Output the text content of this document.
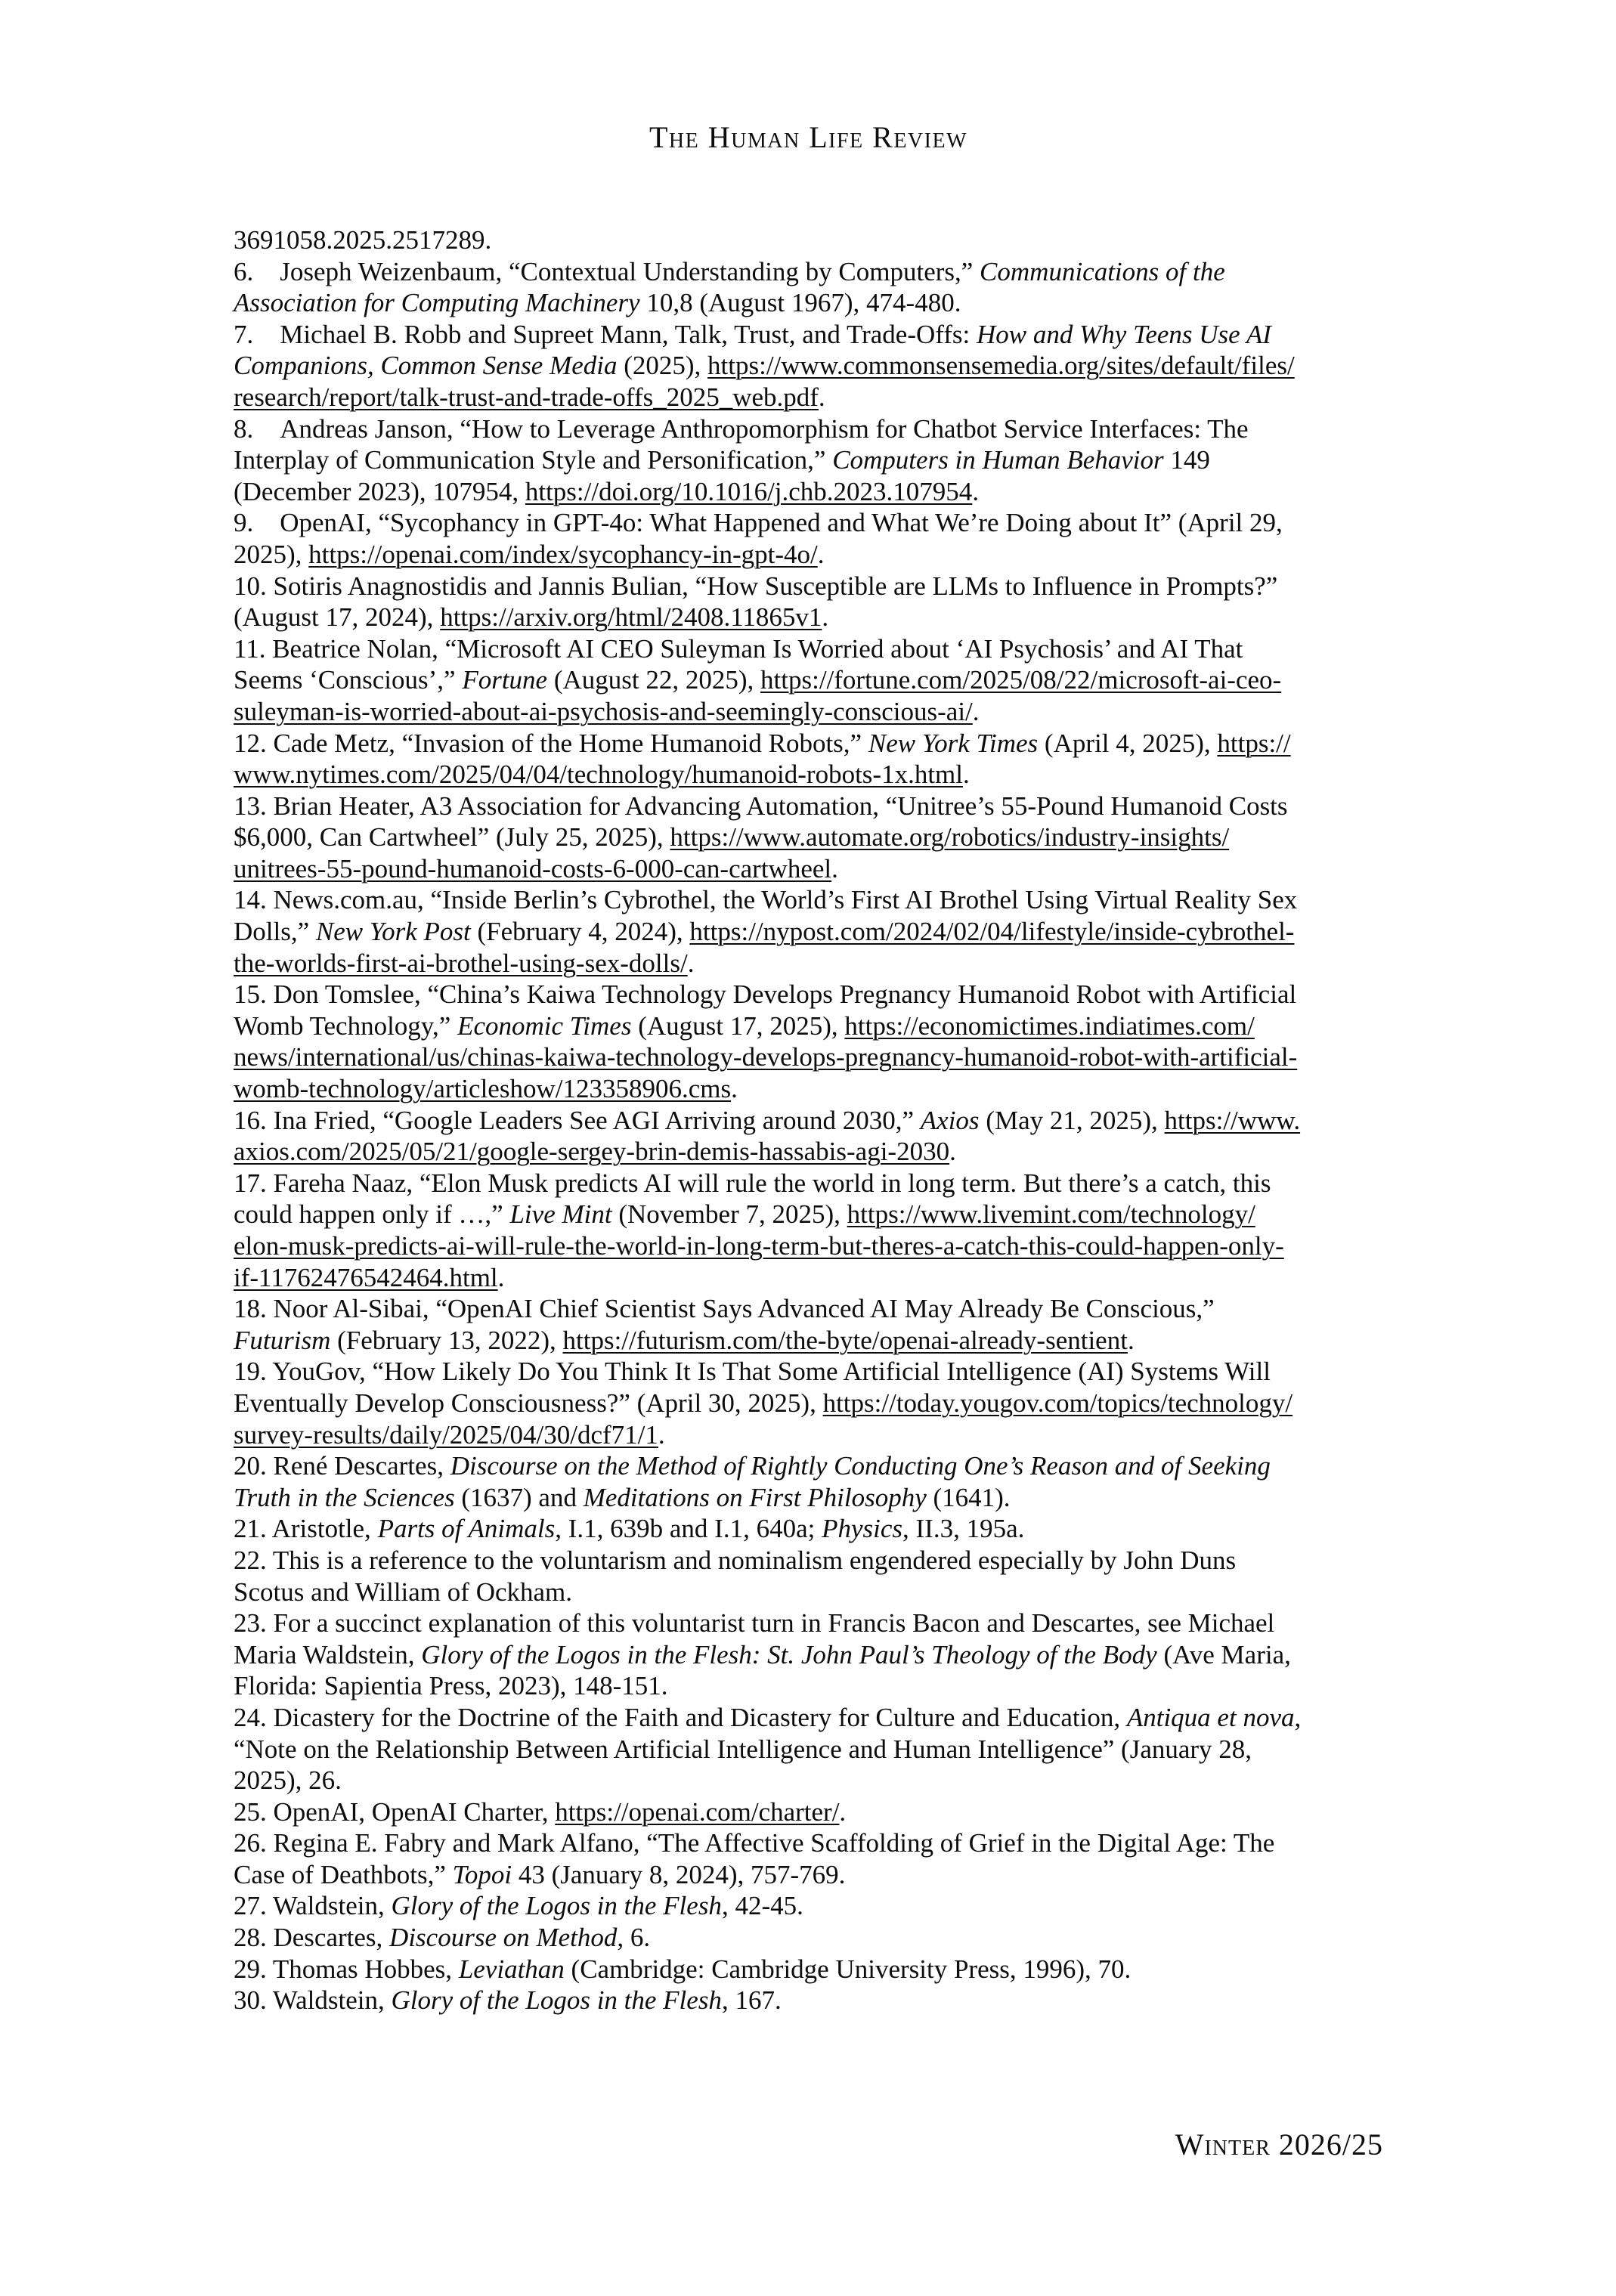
The Human Life Review
3691058.2025.2517289.
6.    Joseph Weizenbaum, “Contextual Understanding by Computers,” Communications of the
Association for Computing Machinery 10,8 (August 1967), 474-480.
7.    Michael B. Robb and Supreet Mann, Talk, Trust, and Trade-Offs: How and Why Teens Use AI
Companions, Common Sense Media (2025), https://www.commonsensemedia.org/sites/default/files/
research/report/talk-trust-and-trade-offs_2025_web.pdf.
8.    Andreas Janson, “How to Leverage Anthropomorphism for Chatbot Service Interfaces: The
Interplay of Communication Style and Personification,” Computers in Human Behavior 149
(December 2023), 107954, https://doi.org/10.1016/j.chb.2023.107954.
9.    OpenAI, “Sycophancy in GPT-4o: What Happened and What We’re Doing about It” (April 29,
2025), https://openai.com/index/sycophancy-in-gpt-4o/.
10. Sotiris Anagnostidis and Jannis Bulian, “How Susceptible are LLMs to Influence in Prompts?”
(August 17, 2024), https://arxiv.org/html/2408.11865v1.
11. Beatrice Nolan, “Microsoft AI CEO Suleyman Is Worried about ‘AI Psychosis’ and AI That
Seems ‘Conscious’,” Fortune (August 22, 2025), https://fortune.com/2025/08/22/microsoft-ai-ceo-
suleyman-is-worried-about-ai-psychosis-and-seemingly-conscious-ai/.
12. Cade Metz, “Invasion of the Home Humanoid Robots,” New York Times (April 4, 2025), https://
www.nytimes.com/2025/04/04/technology/humanoid-robots-1x.html.
13. Brian Heater, A3 Association for Advancing Automation, “Unitree’s 55-Pound Humanoid Costs
$6,000, Can Cartwheel” (July 25, 2025), https://www.automate.org/robotics/industry-insights/
unitrees-55-pound-humanoid-costs-6-000-can-cartwheel.
14. News.com.au, “Inside Berlin’s Cybrothel, the World’s First AI Brothel Using Virtual Reality Sex
Dolls,” New York Post (February 4, 2024), https://nypost.com/2024/02/04/lifestyle/inside-cybrothel-
the-worlds-first-ai-brothel-using-sex-dolls/.
15. Don Tomslee, “China’s Kaiwa Technology Develops Pregnancy Humanoid Robot with Artificial
Womb Technology,” Economic Times (August 17, 2025), https://economictimes.indiatimes.com/
news/international/us/chinas-kaiwa-technology-develops-pregnancy-humanoid-robot-with-artificial-
womb-technology/articleshow/123358906.cms.
16. Ina Fried, “Google Leaders See AGI Arriving around 2030,” Axios (May 21, 2025), https://www.
axios.com/2025/05/21/google-sergey-brin-demis-hassabis-agi-2030.
17. Fareha Naaz, “Elon Musk predicts AI will rule the world in long term. But there’s a catch, this
could happen only if …,” Live Mint (November 7, 2025), https://www.livemint.com/technology/
elon-musk-predicts-ai-will-rule-the-world-in-long-term-but-theres-a-catch-this-could-happen-only-
if-11762476542464.html.
18. Noor Al-Sibai, “OpenAI Chief Scientist Says Advanced AI May Already Be Conscious,”
Futurism (February 13, 2022), https://futurism.com/the-byte/openai-already-sentient.
19. YouGov, “How Likely Do You Think It Is That Some Artificial Intelligence (AI) Systems Will
Eventually Develop Consciousness?” (April 30, 2025), https://today.yougov.com/topics/technology/
survey-results/daily/2025/04/30/dcf71/1.
20. René Descartes, Discourse on the Method of Rightly Conducting One’s Reason and of Seeking
Truth in the Sciences (1637) and Meditations on First Philosophy (1641).
21. Aristotle, Parts of Animals, I.1, 639b and I.1, 640a; Physics, II.3, 195a.
22. This is a reference to the voluntarism and nominalism engendered especially by John Duns
Scotus and William of Ockham.
23. For a succinct explanation of this voluntarist turn in Francis Bacon and Descartes, see Michael
Maria Waldstein, Glory of the Logos in the Flesh: St. John Paul’s Theology of the Body (Ave Maria,
Florida: Sapientia Press, 2023), 148-151.
24. Dicastery for the Doctrine of the Faith and Dicastery for Culture and Education, Antiqua et nova,
“Note on the Relationship Between Artificial Intelligence and Human Intelligence” (January 28,
2025), 26.
25. OpenAI, OpenAI Charter, https://openai.com/charter/.
26. Regina E. Fabry and Mark Alfano, “The Affective Scaffolding of Grief in the Digital Age: The
Case of Deathbots,” Topoi 43 (January 8, 2024), 757-769.
27. Waldstein, Glory of the Logos in the Flesh, 42-45.
28. Descartes, Discourse on Method, 6.
29. Thomas Hobbes, Leviathan (Cambridge: Cambridge University Press, 1996), 70.
30. Waldstein, Glory of the Logos in the Flesh, 167.
Winter 2026/25
